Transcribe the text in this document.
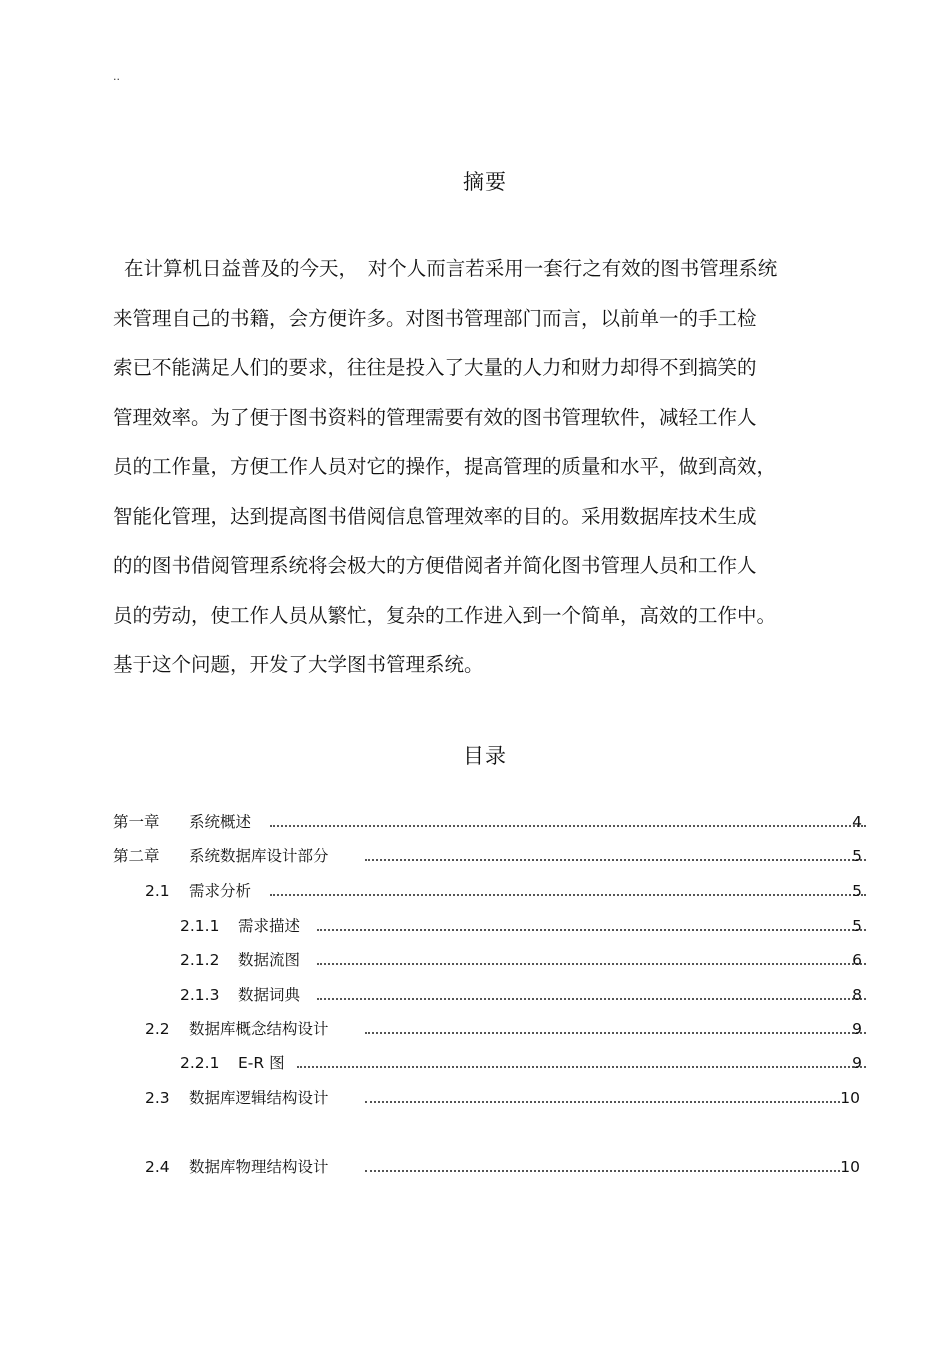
..
摘要
在计算机日益普及的今天，　对个人而言若采用一套行之有效的图书管理系统
来管理自己的书籍，会方便许多。对图书管理部门而言，以前单一的手工检
索已不能满足人们的要求，往往是投入了大量的人力和财力却得不到搞笑的
管理效率。为了便于图书资料的管理需要有效的图书管理软件，减轻工作人
员的工作量，方便工作人员对它的操作，提高管理的质量和水平，做到高效，
智能化管理，达到提高图书借阅信息管理效率的目的。采用数据库技术生成
的的图书借阅管理系统将会极大的方便借阅者并简化图书管理人员和工作人
员的劳动，使工作人员从繁忙，复杂的工作进入到一个简单，高效的工作中。
基于这个问题，开发了大学图书管理系统。
目录
第一章 系统概述	4
第二章 系统数据库设计部分	5
2.1 需求分析	5
2.1.1 需求描述	5
2.1.2 数据流图	6
2.1.3 数据词典	8
2.2 数据库概念结构设计	9
2.2.1 E-R 图	9
2.3 数据库逻辑结构设计	10
2.4 数据库物理结构设计	10
